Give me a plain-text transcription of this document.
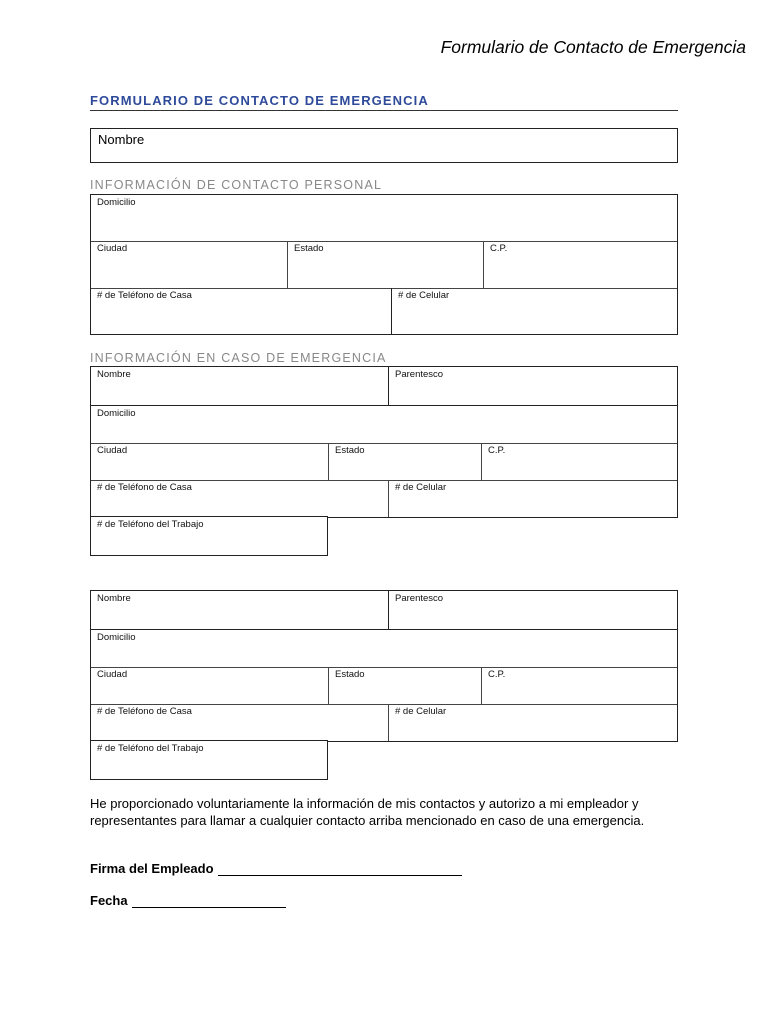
Formulario de Contacto de Emergencia
FORMULARIO DE CONTACTO DE EMERGENCIA
Nombre
INFORMACIÓN DE CONTACTO PERSONAL
Domicilio
Ciudad	Estado	C.P.
# de Teléfono de Casa	# de Celular
INFORMACIÓN EN CASO DE EMERGENCIA
Nombre	Parentesco
Domicilio
Ciudad	Estado	C.P.
# de Teléfono de Casa	# de Celular
# de Teléfono del Trabajo
Nombre	Parentesco
Domicilio
Ciudad	Estado	C.P.
# de Teléfono de Casa	# de Celular
# de Teléfono del Trabajo
He proporcionado voluntariamente la información de mis contactos y autorizo a mi empleador y representantes para llamar a cualquier contacto arriba mencionado en caso de una emergencia.
Firma del Empleado
Fecha
